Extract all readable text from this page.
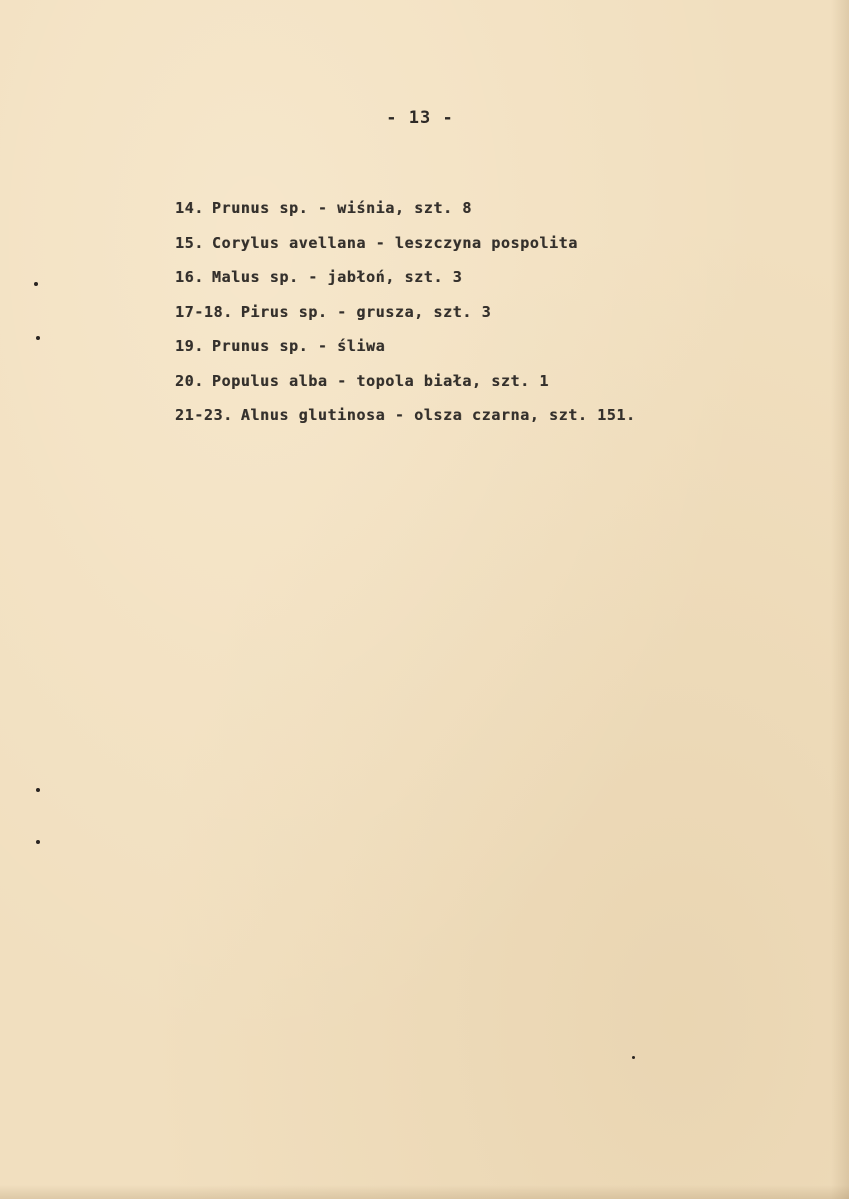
- 13 -
14. Prunus sp. - wiśnia, szt. 8
15. Corylus avellana - leszczyna pospolita
16. Malus sp. - jabłoń, szt. 3
17-18. Pirus sp. - grusza, szt. 3
19. Prunus sp. - śliwa
20. Populus alba - topola biała, szt. 1
21-23. Alnus glutinosa - olsza czarna, szt. 151.
